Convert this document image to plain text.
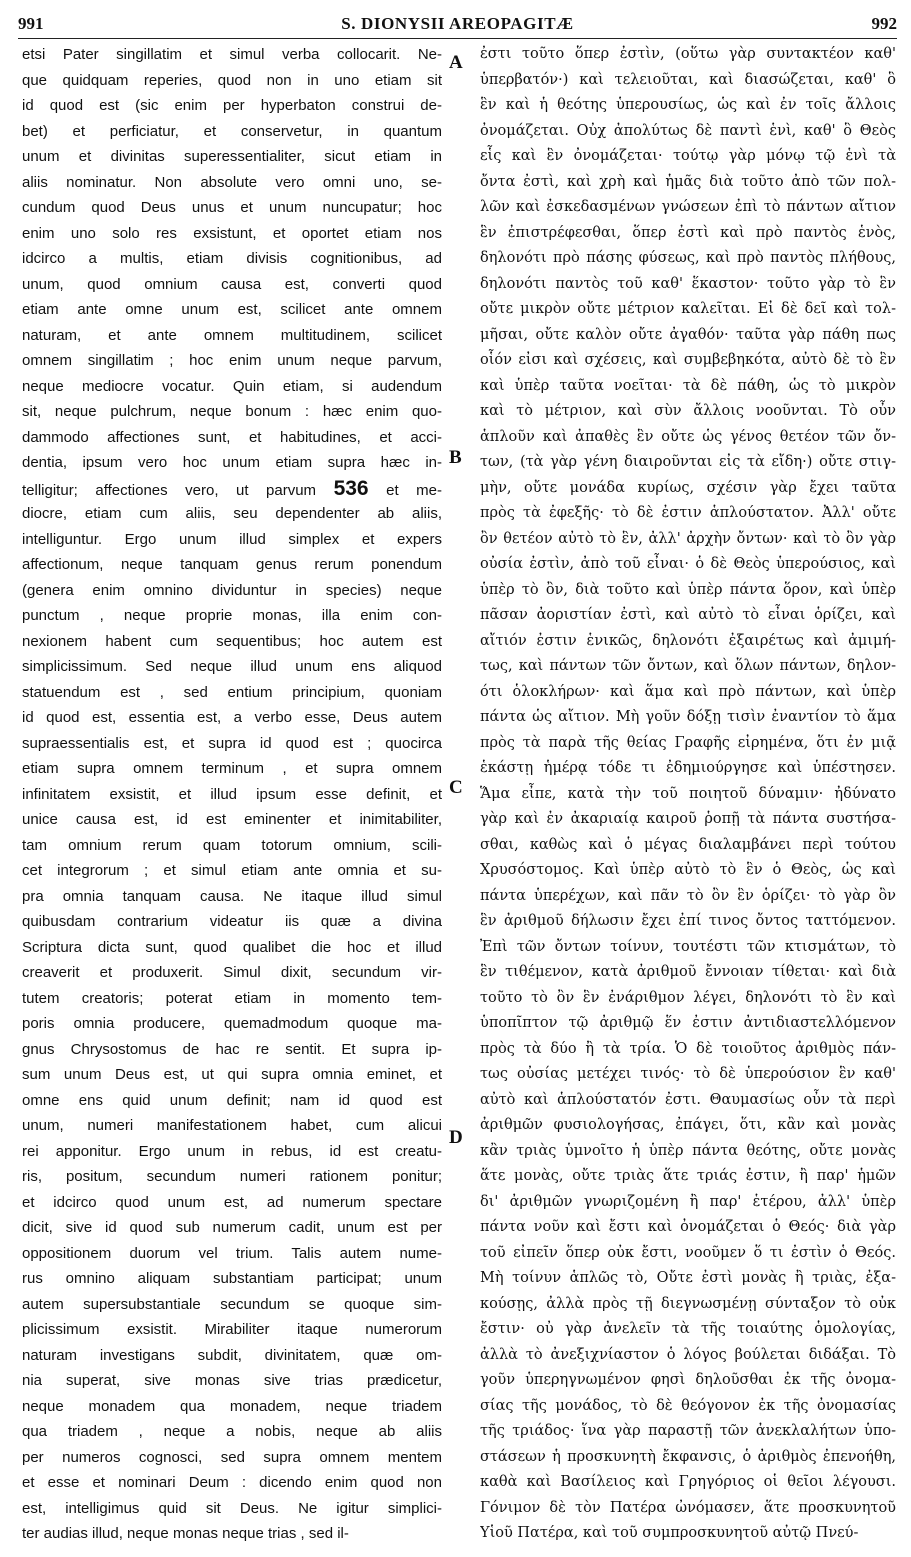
991	S. DIONYSII AREOPAGITÆ	992
etsi Pater singillatim et simul verba collocarit. Ne-
que quidquam reperies, quod non in uno etiam sit
id quod est (sic enim per hyperbaton construi de-
bet) et perficiatur, et conservetur, in quantum
unum et divinitas superessentialiter, sicut etiam in
aliis nominatur. Non absolute vero omni uno, se-
cundum quod Deus unus et unum nuncupatur; hoc
enim uno solo res exsistunt, et oportet etiam nos
idcirco a multis, etiam divisis cognitionibus, ad
unum, quod omnium causa est, converti quod
etiam ante omne unum est, scilicet ante omnem
naturam, et ante omnem multitudinem, scilicet
omnem singillatim ; hoc enim unum neque parvum,
neque mediocre vocatur. Quin etiam, si audendum
sit, neque pulchrum, neque bonum : hæc enim quo-
dammodo affectiones sunt, et habitudines, et acci-
dentia, ipsum vero hoc unum etiam supra hæc in-
telligitur; affectiones vero, ut parvum 536 et me-
diocre, etiam cum aliis, seu dependenter ab aliis,
intelliguntur. Ergo unum illud simplex et expers
affectionum, neque tanquam genus rerum ponendum
(genera enim omnino dividuntur in species) neque
punctum , neque proprie monas, illa enim con-
nexionem habent cum sequentibus; hoc autem est
simplicissimum. Sed neque illud unum ens aliquod
statuendum est , sed entium principium, quoniam
id quod est, essentia est, a verbo esse, Deus autem
supraessentialis est, et supra id quod est ; quocirca
etiam supra omnem terminum , et supra omnem
infinitatem exsistit, et illud ipsum esse definit, et
unice causa est, id est eminenter et inimitabiliter,
tam omnium rerum quam totorum omnium, scili-
cet integrorum ; et simul etiam ante omnia et su-
pra omnia tanquam causa. Ne itaque illud simul
quibusdam contrarium videatur iis quæ a divina
Scriptura dicta sunt, quod qualibet die hoc et illud
creaverit et produxerit. Simul dixit, secundum vir-
tutem creatoris; poterat etiam in momento tem-
poris omnia producere, quemadmodum quoque ma-
gnus Chrysostomus de hac re sentit. Et supra ip-
sum unum Deus est, ut qui supra omnia eminet, et
omne ens quid unum definit; nam id quod est
unum, numeri manifestationem habet, cum alicui
rei apponitur. Ergo unum in rebus, id est creatu-
ris, positum, secundum numeri rationem ponitur;
et idcirco quod unum est, ad numerum spectare
dicit, sive id quod sub numerum cadit, unum est per
oppositionem duorum vel trium. Talis autem nume-
rus omnino aliquam substantiam participat; unum
autem supersubstantiale secundum se quoque sim-
plicissimum exsistit. Mirabiliter itaque numerorum
naturam investigans subdit, divinitatem, quæ om-
nia superat, sive monas sive trias prædicetur,
neque monadem qua monadem, neque triadem
qua triadem , neque a nobis, neque ab aliis
per numeros cognosci, sed supra omnem mentem
et esse et nominari Deum : dicendo enim quod non
est, intelligimus quid sit Deus. Ne igitur simplici-
ter audias illud, neque monas neque trias , sed il-
ἐστι τοῦτο ὅπερ ἐστὶν, (οὕτω γὰρ συντακτέον καθ'
ὑπερβατόν·) καὶ τελειοῦται, καὶ διασώζεται, καθ' ὃ
ἓν καὶ ἡ θεότης ὑπερουσίως, ὡς καὶ ἐν τοῖς ἄλλοις
ὀνομάζεται. Οὐχ ἀπολύτως δὲ παντὶ ἑνὶ, καθ' ὃ Θεὸς
εἷς καὶ ἓν ὀνομάζεται· τούτῳ γὰρ μόνῳ τῷ ἑνὶ τὰ
ὄντα ἐστὶ, καὶ χρὴ καὶ ἡμᾶς διὰ τοῦτο ἀπὸ τῶν πολ-
λῶν καὶ ἐσκεδασμένων γνώσεων ἐπὶ τὸ πάντων αἴτιον
ἓν ἐπιστρέφεσθαι, ὅπερ ἐστὶ καὶ πρὸ παντὸς ἑνὸς,
δηλονότι πρὸ πάσης φύσεως, καὶ πρὸ παντὸς πλήθους,
δηλονότι παντὸς τοῦ καθ' ἕκαστον· τοῦτο γὰρ τὸ ἓν
οὔτε μικρὸν οὔτε μέτριον καλεῖται. Εἰ δὲ δεῖ καὶ τολ-
μῆσαι, οὔτε καλὸν οὔτε ἀγαθόν· ταῦτα γὰρ πάθη πως
οἷόν εἰσι καὶ σχέσεις, καὶ συμβεβηκότα, αὐτὸ δὲ τὸ ἓν
καὶ ὑπὲρ ταῦτα νοεῖται· τὰ δὲ πάθη, ὡς τὸ μικρὸν
καὶ τὸ μέτριον, καὶ σὺν ἄλλοις νοοῦνται. Τὸ οὖν
ἁπλοῦν καὶ ἀπαθὲς ἓν οὔτε ὡς γένος θετέον τῶν ὄν-
των, (τὰ γὰρ γένη διαιροῦνται εἰς τὰ εἴδη·) οὔτε στιγ-
μὴν, οὔτε μονάδα κυρίως, σχέσιν γὰρ ἔχει ταῦτα
πρὸς τὰ ἐφεξῆς· τὸ δὲ ἐστιν ἁπλούστατον. Ἀλλ' οὔτε
ὂν θετέον αὐτὸ τὸ ἓν, ἀλλ' ἀρχὴν ὄντων· καὶ τὸ ὂν γὰρ
οὐσία ἐστὶν, ἀπὸ τοῦ εἶναι· ὁ δὲ Θεὸς ὑπερούσιος, καὶ
ὑπὲρ τὸ ὂν, διὰ τοῦτο καὶ ὑπὲρ πάντα ὅρον, καὶ ὑπὲρ
πᾶσαν ἀοριστίαν ἐστὶ, καὶ αὐτὸ τὸ εἶναι ὁρίζει, καὶ
αἴτιόν ἐστιν ἑνικῶς, δηλονότι ἐξαιρέτως καὶ ἀμιμή-
τως, καὶ πάντων τῶν ὄντων, καὶ ὅλων πάντων, δηλον-
ότι ὁλοκλήρων· καὶ ἅμα καὶ πρὸ πάντων, καὶ ὑπὲρ
πάντα ὡς αἴτιον. Μὴ γοῦν δόξῃ τισὶν ἐναντίον τὸ ἅμα
πρὸς τὰ παρὰ τῆς θείας Γραφῆς εἰρημένα, ὅτι ἐν μιᾷ
ἑκάστῃ ἡμέρᾳ τόδε τι ἐδημιούργησε καὶ ὑπέστησεν.
Ἅμα εἶπε, κατὰ τὴν τοῦ ποιητοῦ δύναμιν· ἠδύνατο
γὰρ καὶ ἐν ἀκαριαίᾳ καιροῦ ῥοπῇ τὰ πάντα συστήσα-
σθαι, καθὼς καὶ ὁ μέγας διαλαμβάνει περὶ τούτου
Χρυσόστομος. Καὶ ὑπὲρ αὐτὸ τὸ ἓν ὁ Θεὸς, ὡς καὶ
πάντα ὑπερέχων, καὶ πᾶν τὸ ὂν ἓν ὁρίζει· τὸ γὰρ ὂν
ἓν ἀριθμοῦ δήλωσιν ἔχει ἐπί τινος ὄντος ταττόμενον.
Ἐπὶ τῶν ὄντων τοίνυν, τουτέστι τῶν κτισμάτων, τὸ
ἓν τιθέμενον, κατὰ ἀριθμοῦ ἔννοιαν τίθεται· καὶ διὰ
τοῦτο τὸ ὂν ἓν ἐνάριθμον λέγει, δηλονότι τὸ ἓν καὶ
ὑποπῖπτον τῷ ἀριθμῷ ἕν ἐστιν ἀντιδιαστελλόμενον
πρὸς τὰ δύο ἢ τὰ τρία. Ὁ δὲ τοιοῦτος ἀριθμὸς πάν-
τως οὐσίας μετέχει τινός· τὸ δὲ ὑπερούσιον ἓν καθ'
αὐτὸ καὶ ἁπλούστατόν ἐστι. Θαυμασίως οὖν τὰ περὶ
ἀριθμῶν φυσιολογήσας, ἐπάγει, ὅτι, κἂν καὶ μονὰς
κἂν τριὰς ὑμνοῖτο ἡ ὑπὲρ πάντα θεότης, οὔτε μονὰς
ἅτε μονὰς, οὔτε τριὰς ἅτε τριάς ἐστιν, ἢ παρ' ἡμῶν
δι' ἀριθμῶν γνωριζομένη ἢ παρ' ἑτέρου, ἀλλ' ὑπὲρ
πάντα νοῦν καὶ ἔστι καὶ ὀνομάζεται ὁ Θεός· διὰ γὰρ
τοῦ εἰπεῖν ὅπερ οὐκ ἔστι, νοοῦμεν ὅ τι ἐστὶν ὁ Θεός.
Μὴ τοίνυν ἁπλῶς τὸ, Οὔτε ἐστὶ μονὰς ἢ τριὰς, ἐξα-
κούσῃς, ἀλλὰ πρὸς τῇ διεγνωσμένῃ σύνταξον τὸ οὐκ
ἔστιν· οὐ γὰρ ἀνελεῖν τὰ τῆς τοιαύτης ὁμολογίας,
ἀλλὰ τὸ ἀνεξιχνίαστον ὁ λόγος βούλεται διδάξαι. Τὸ
γοῦν ὑπερηγνωμένον φησὶ δηλοῦσθαι ἐκ τῆς ὀνομα-
σίας τῆς μονάδος, τὸ δὲ θεόγονον ἐκ τῆς ὀνομασίας
τῆς τριάδος· ἵνα γὰρ παραστῇ τῶν ἀνεκλαλήτων ὑπο-
στάσεων ἡ προσκυνητὴ ἔκφανσις, ὁ ἀριθμὸς ἐπενοήθη,
καθὰ καὶ Βασίλειος καὶ Γρηγόριος οἱ θεῖοι λέγουσι.
Γόνιμον δὲ τὸν Πατέρα ὠνόμασεν, ἅτε προσκυνητοῦ
Υἱοῦ Πατέρα, καὶ τοῦ συμπροσκυνητοῦ αὐτῷ Πνεύ-
A
B
C
D
